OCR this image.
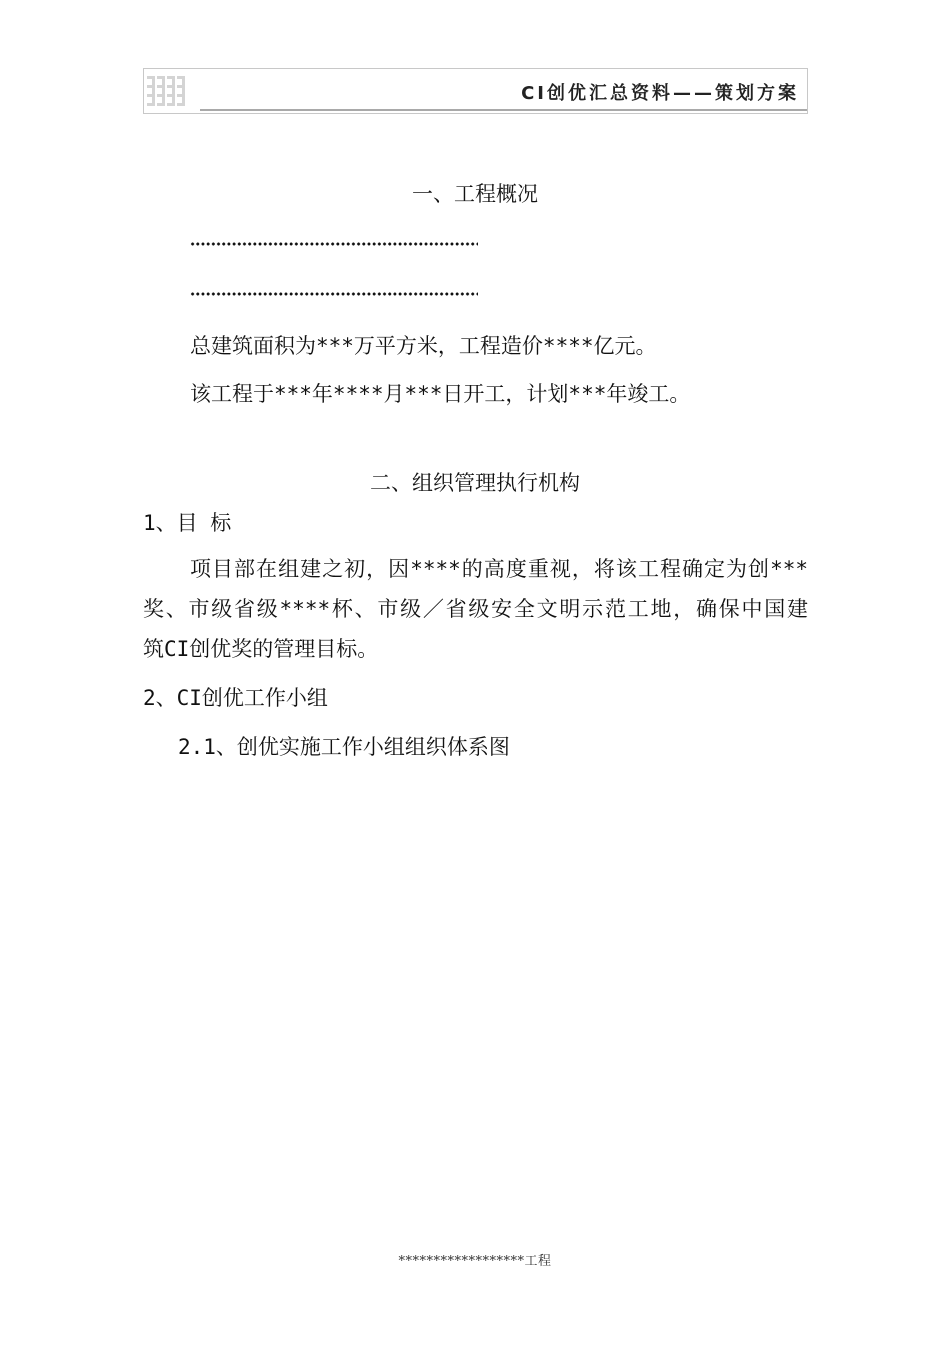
CI创优汇总资料——策划方案
一、工程概况
总建筑面积为***万平方米，工程造价****亿元。
该工程于***年****月***日开工，计划***年竣工。
二、组织管理执行机构
1、目 标
项目部在组建之初，因****的高度重视，将该工程确定为创***
奖、市级省级****杯、市级／省级安全文明示范工地，确保中国建
筑CI创优奖的管理目标。
2、CI创优工作小组
2.1、创优实施工作小组组织体系图
******************工程
